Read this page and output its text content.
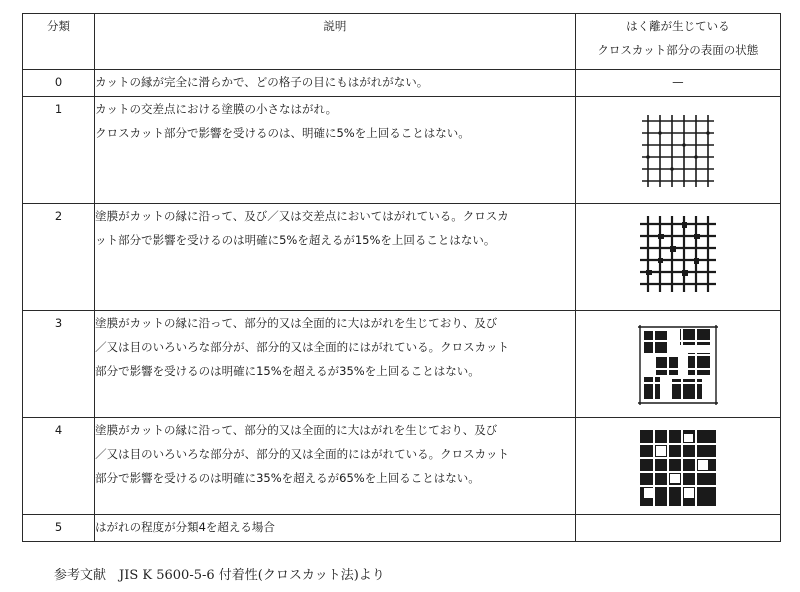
分類	説明	はく離が生じている
クロスカット部分の表面の状態

0	カットの縁が完全に滑らかで、どの格子の目にもはがれがない。	—
1	カットの交差点における塗膜の小さなはがれ。

クロスカット部分で影響を受けるのは、明確に5%を上回ることはない。

2	塗膜がカットの縁に沿って、及び／又は交差点においてはがれている。クロスカ

ット部分で影響を受けるのは明確に5%を超えるが15%を上回ることはない。

3	塗膜がカットの縁に沿って、部分的又は全面的に大はがれを生じており、及び

／又は目のいろいろな部分が、部分的又は全面的にはがれている。クロスカット

部分で影響を受けるのは明確に15%を超えるが35%を上回ることはない。

4	塗膜がカットの縁に沿って、部分的又は全面的に大はがれを生じており、及び

／又は目のいろいろな部分が、部分的又は全面的にはがれている。クロスカット

部分で影響を受けるのは明確に35%を超えるが65%を上回ることはない。

5	はがれの程度が分類4を超える場合	

参考文献　JIS K 5600-5-6 付着性(クロスカット法)より
